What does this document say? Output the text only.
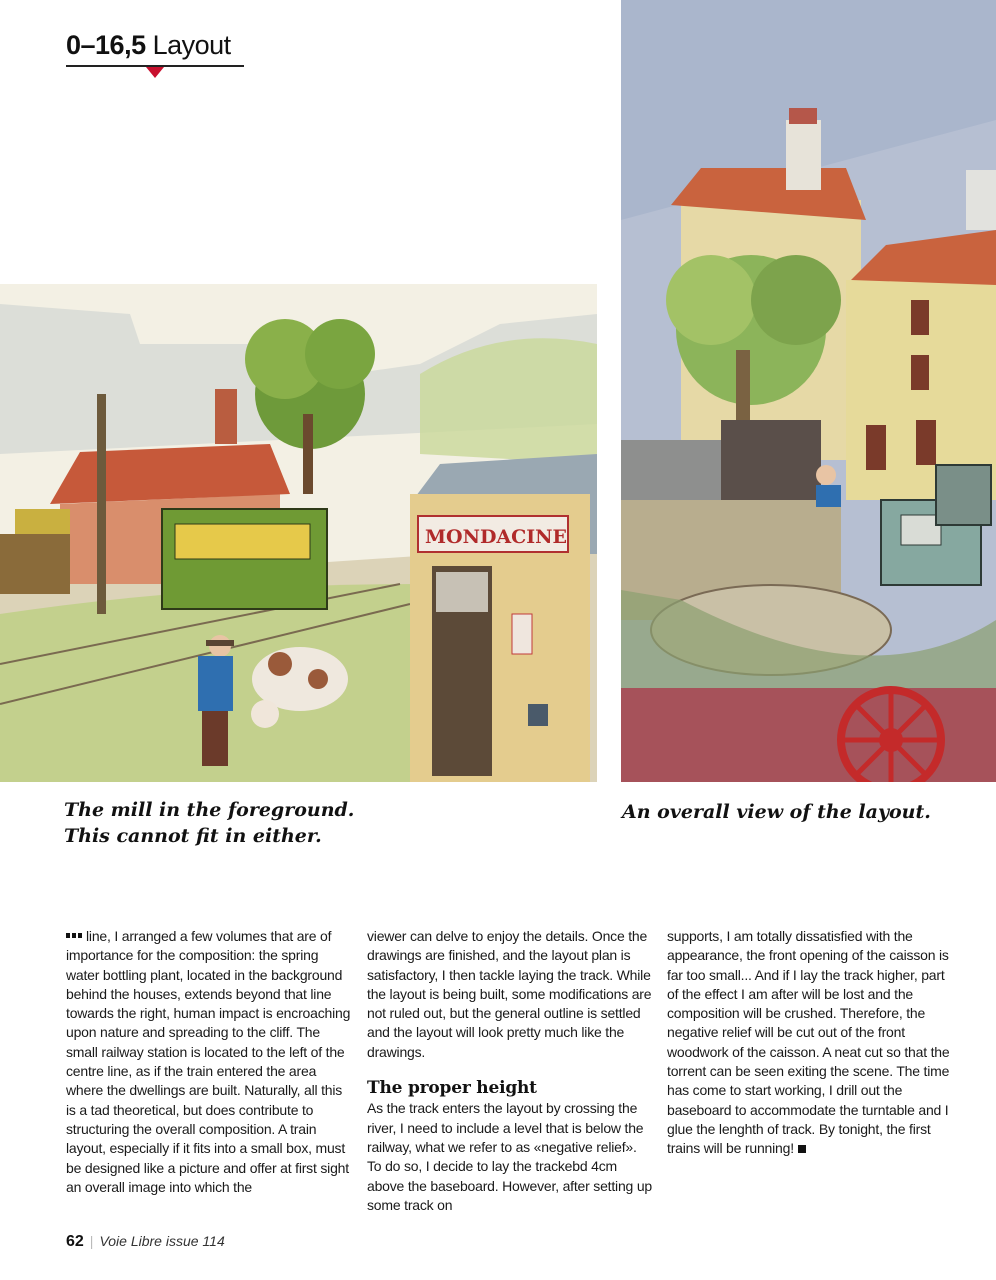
0–16,5 Layout
MONDACINE
The mill in the foreground.
This cannot fit in either.
An overall view of the layout.

line, I arranged a few volumes that are of importance for the composition: the spring water bottling plant, located in the background behind the houses, extends beyond that line towards the right, human impact is encroaching upon nature and spreading to the cliff. The small railway station is located to the left of the centre line, as if the train entered the area where the dwellings are built. Naturally, all this is a tad theoretical, but does contribute to structuring the overall composition. A train layout, especially if it fits into a small box, must be designed like a picture and offer at first sight an overall image into which the

viewer can delve to enjoy the details. Once the drawings are finished, and the layout plan is satisfactory, I then tackle laying the track. While the layout is being built, some modifications are not ruled out, but the general outline is settled and the layout will look pretty much like the drawings.

The proper height

As the track enters the layout by crossing the river, I need to include a level that is below the railway, what we refer to as «negative relief». To do so, I decide to lay the trackebd 4cm above the baseboard. However, after setting up some track on

supports, I am totally dissatisfied with the appearance, the front opening of the caisson is far too small... And if I lay the track higher, part of the effect I am after will be lost and the composition will be crushed. Therefore, the negative relief will be cut out of the front woodwork of the caisson. A neat cut so that the torrent can be seen exiting the scene. The time has come to start working, I drill out the baseboard to accommodate the turntable and I glue the lenghth of track. By tonight, the first trains will be running!

62 | Voie Libre issue 114
